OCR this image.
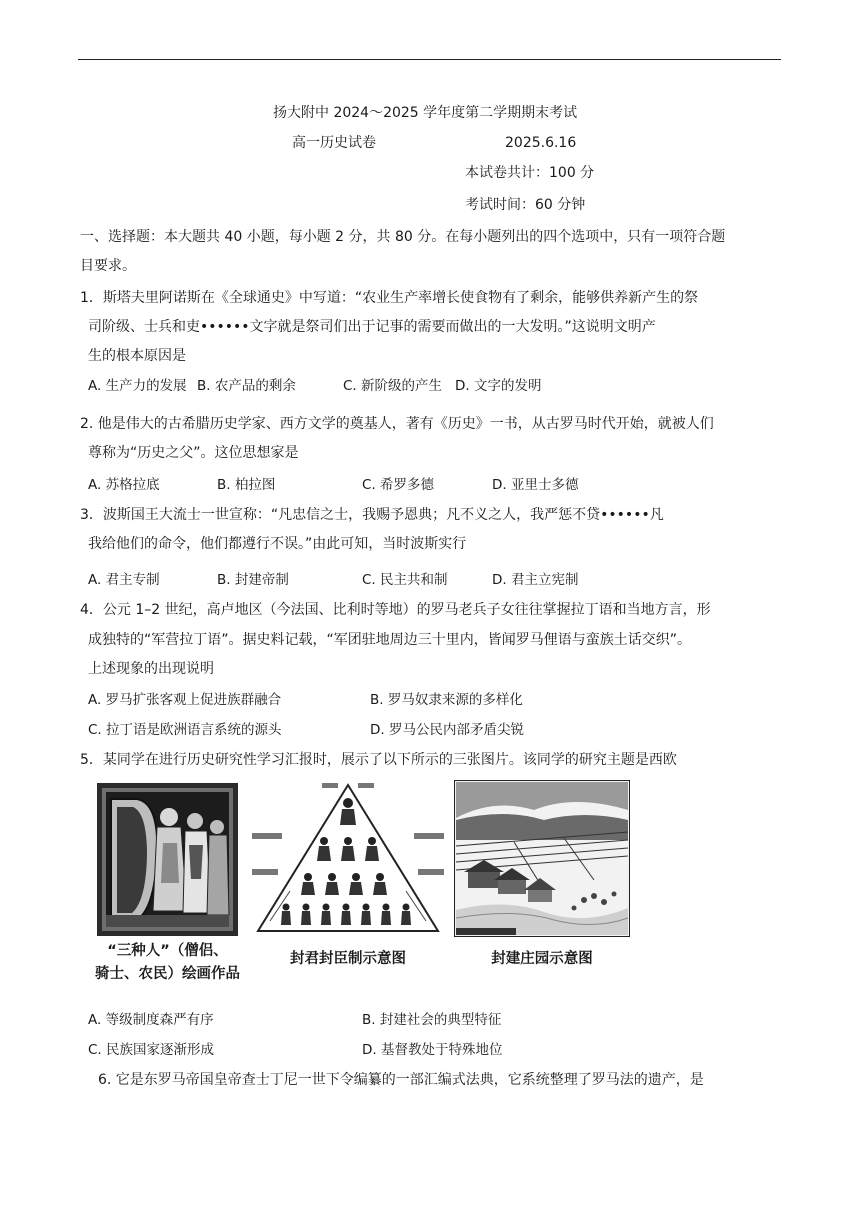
扬大附中 2024～2025 学年度第二学期期末考试
高一历史试卷	2025.6.16
本试卷共计：100 分
考试时间：60 分钟
一、选择题：本大题共 40 小题，每小题 2 分，共 80 分。在每小题列出的四个选项中，只有一项符合题
目要求。
1．斯塔夫里阿诺斯在《全球通史》中写道：“农业生产率增长使食物有了剩余，能够供养新产生的祭
司阶级、士兵和吏••••••文字就是祭司们出于记事的需要而做出的一大发明。”这说明文明产
生的根本原因是
A. 生产力的发展 B. 农产品的剩余	C. 新阶级的产生 D. 文字的发明
2. 他是伟大的古希腊历史学家、西方文学的奠基人，著有《历史》一书，从古罗马时代开始，就被人们
尊称为“历史之父”。这位思想家是
A. 苏格拉底	B. 柏拉图	C. 希罗多德	D. 亚里士多德
3．波斯国王大流士一世宣称：“凡忠信之士，我赐予恩典；凡不义之人，我严惩不贷••••••凡
我给他们的命令，他们都遵行不误。”由此可知，当时波斯实行
A. 君主专制	B. 封建帝制	C. 民主共和制	D. 君主立宪制
4．公元 1–2 世纪，高卢地区（今法国、比利时等地）的罗马老兵子女往往掌握拉丁语和当地方言，形
成独特的“军营拉丁语”。据史料记载，“军团驻地周边三十里内，皆闻罗马俚语与蛮族土话交织”。
上述现象的出现说明
A. 罗马扩张客观上促进族群融合	B. 罗马奴隶来源的多样化
C. 拉丁语是欧洲语言系统的源头	D. 罗马公民内部矛盾尖锐
5．某同学在进行历史研究性学习汇报时，展示了以下所示的三张图片。该同学的研究主题是西欧
“三种人”（僧侣、
骑士、农民）绘画作品
封君封臣制示意图	封建庄园示意图
A. 等级制度森严有序	B. 封建社会的典型特征
C. 民族国家逐渐形成	D. 基督教处于特殊地位
6. 它是东罗马帝国皇帝查士丁尼一世下令编纂的一部汇编式法典，它系统整理了罗马法的遗产，是
